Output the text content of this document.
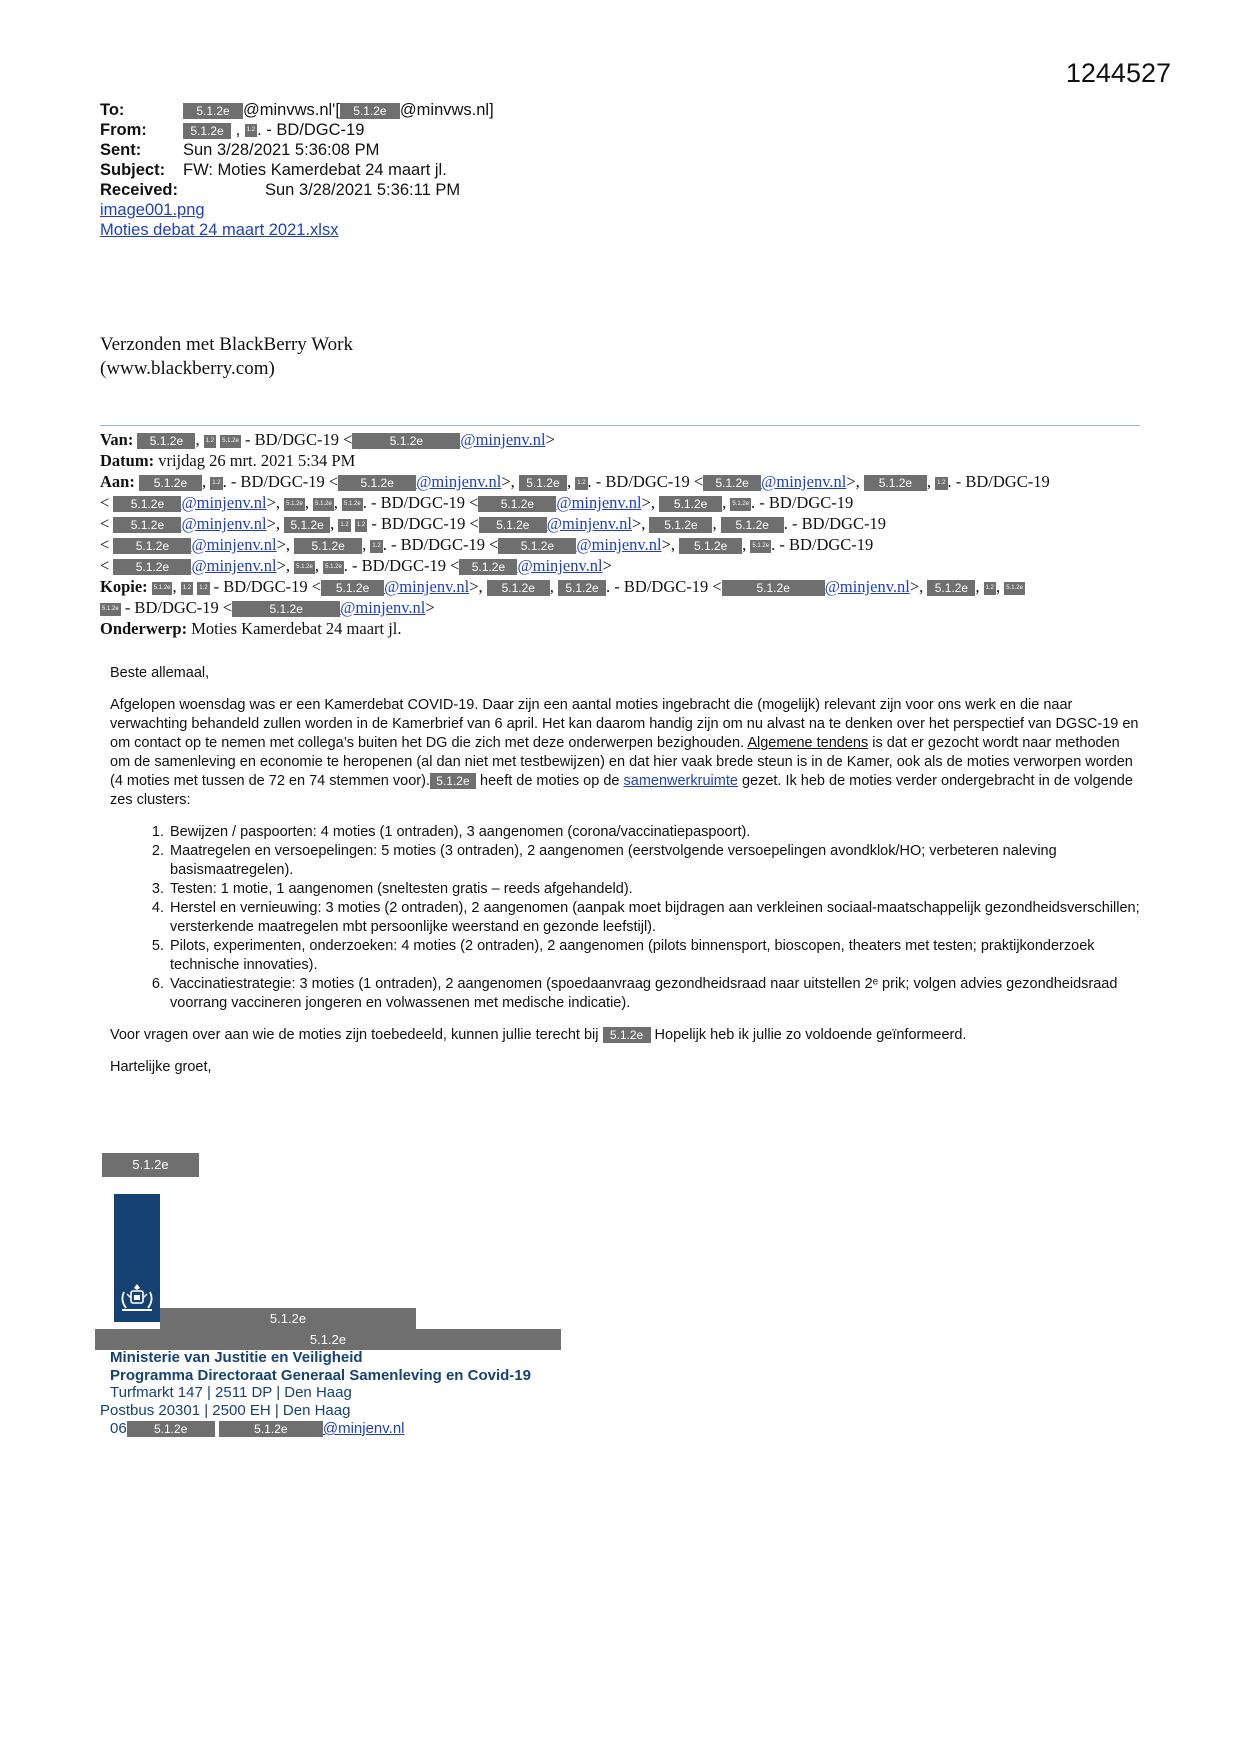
1244527
To:	5.1.2e @minvws.nl'[ 5.1.2e @minvws.nl]
From:	5.1.2e , 1.2 . - BD/DGC-19
Sent:	Sun 3/28/2021 5:36:08 PM
Subject: FW: Moties Kamerdebat 24 maart jl.
Received:	Sun 3/28/2021 5:36:11 PM
image001.png
Moties debat 24 maart 2021.xlsx
Verzonden met BlackBerry Work
(www.blackberry.com)
Van: 5.1.2e , 1.2 5.1.2e - BD/DGC-19 <	5.1.2e @minjenv.nl>
Datum: vrijdag 26 mrt. 2021 5:34 PM
Aan: 5.1.2e , 1.2 . - BD/DGC-19 < 5.1.2e @minjenv.nl>, 5.1.2e , 1.2 . - BD/DGC-19 < 5.1.2e @minjenv.nl>, 5.1.2e , 1.2 . - BD/DGC-19
< 5.1.2e @minjenv.nl>, 5.1.2e , 5.1.2e , 5.1.2e . - BD/DGC-19 < 5.1.2e @minjenv.nl>, 5.1.2e , 5.1.2e . - BD/DGC-19
< 5.1.2e @minjenv.nl>, 5.1.2e , 1.2 1.2 - BD/DGC-19 < 5.1.2e @minjenv.nl>, 5.1.2e , 5.1.2e . - BD/DGC-19
< 5.1.2e @minjenv.nl>, 5.1.2e , 1.2 . - BD/DGC-19 < 5.1.2e @minjenv.nl>, 5.1.2e , 5.1.2e . - BD/DGC-19
< 5.1.2e @minjenv.nl>, 5.1.2e , 5.1.2e . - BD/DGC-19 < 5.1.2e @minjenv.nl>
Kopie: 5.1.2e , 1.2 1.2 - BD/DGC-19 < 5.1.2e @minjenv.nl>, 5.1.2e , 5.1.2e . - BD/DGC-19 <	5.1.2e @minjenv.nl>, 5.1.2e , 1.2 , 5.1.2e
5.1.2e - BD/DGC-19 <	5.1.2e @minjenv.nl>
Onderwerp: Moties Kamerdebat 24 maart jl.

Beste allemaal,

Afgelopen woensdag was er een Kamerdebat COVID-19. Daar zijn een aantal moties ingebracht die (mogelijk) relevant zijn voor ons werk en die naar verwachting behandeld zullen worden in de Kamerbrief van 6 april. Het kan daarom handig zijn om nu alvast na te denken over het perspectief van DGSC-19 en om contact op te nemen met collega’s buiten het DG die zich met deze onderwerpen bezighouden. Algemene tendens is dat er gezocht wordt naar methoden om de samenleving en economie te heropenen (al dan niet met testbewijzen) en dat hier vaak brede steun is in de Kamer, ook als de moties verworpen worden (4 moties met tussen de 72 en 74 stemmen voor). 5.1.2e heeft de moties op de samenwerkruimte gezet. Ik heb de moties verder ondergebracht in de volgende zes clusters:

1. Bewijzen / paspoorten: 4 moties (1 ontraden), 3 aangenomen (corona/vaccinatiepaspoort).
2. Maatregelen en versoepelingen: 5 moties (3 ontraden), 2 aangenomen (eerstvolgende versoepelingen avondklok/HO; verbeteren naleving basismaatregelen).
3. Testen: 1 motie, 1 aangenomen (sneltesten gratis – reeds afgehandeld).
4. Herstel en vernieuwing: 3 moties (2 ontraden), 2 aangenomen (aanpak moet bijdragen aan verkleinen sociaal-maatschappelijk gezondheidsverschillen; versterkende maatregelen mbt persoonlijke weerstand en gezonde leefstijl).
5. Pilots, experimenten, onderzoeken: 4 moties (2 ontraden), 2 aangenomen (pilots binnensport, bioscopen, theaters met testen; praktijkonderzoek technische innovaties).
6. Vaccinatiestrategie: 3 moties (1 ontraden), 2 aangenomen (spoedaanvraag gezondheidsraad naar uitstellen 2ᵉ prik; volgen advies gezondheidsraad voorrang vaccineren jongeren en volwassenen met medische indicatie).

Voor vragen over aan wie de moties zijn toebedeeld, kunnen jullie terecht bij 5.1.2e Hopelijk heb ik jullie zo voldoende geïnformeerd.

Hartelijke groet,

5.1.2e
5.1.2e
5.1.2e
Ministerie van Justitie en Veiligheid
Programma Directoraat Generaal Samenleving en Covid-19
Turfmarkt 147 | 2511 DP | Den Haag
Postbus 20301 | 2500 EH | Den Haag
06 5.1.2e	5.1.2e @minjenv.nl
